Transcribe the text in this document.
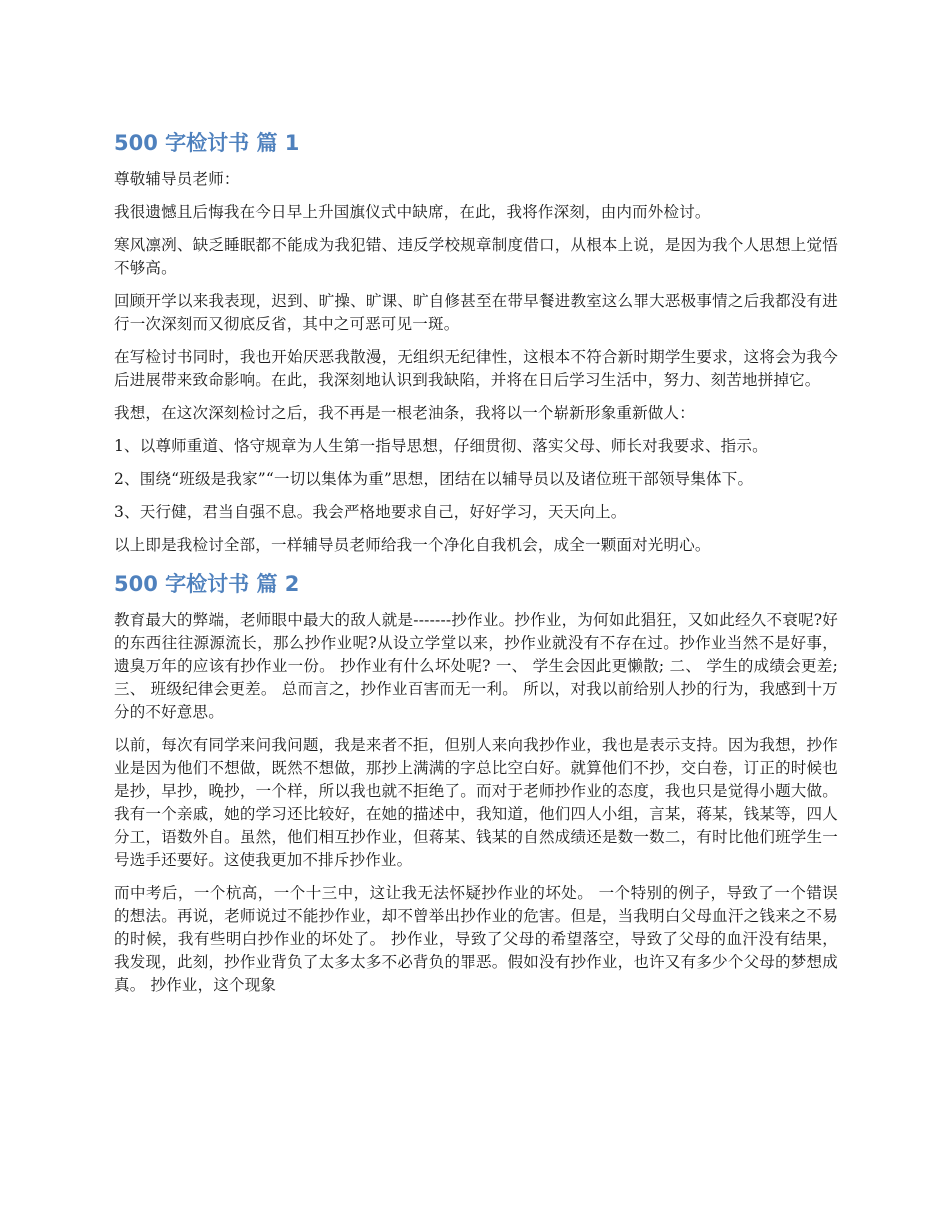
500 字检讨书 篇 1

尊敬辅导员老师：

我很遗憾且后悔我在今日早上升国旗仪式中缺席，在此，我将作深刻，由内而外检讨。

寒风凛冽、缺乏睡眠都不能成为我犯错、违反学校规章制度借口，从根本上说，是因为我个人思想上觉悟不够高。

回顾开学以来我表现，迟到、旷操、旷课、旷自修甚至在带早餐进教室这么罪大恶极事情之后我都没有进行一次深刻而又彻底反省，其中之可恶可见一斑。

在写检讨书同时，我也开始厌恶我散漫，无组织无纪律性，这根本不符合新时期学生要求，这将会为我今后进展带来致命影响。在此，我深刻地认识到我缺陷，并将在日后学习生活中，努力、刻苦地拼掉它。

我想，在这次深刻检讨之后，我不再是一根老油条，我将以一个崭新形象重新做人：

1、以尊师重道、恪守规章为人生第一指导思想，仔细贯彻、落实父母、师长对我要求、指示。

2、围绕“班级是我家”“一切以集体为重”思想，团结在以辅导员以及诸位班干部领导集体下。

3、天行健，君当自强不息。我会严格地要求自己，好好学习，天天向上。

以上即是我检讨全部，一样辅导员老师给我一个净化自我机会，成全一颗面对光明心。

500 字检讨书 篇 2

教育最大的弊端，老师眼中最大的敌人就是-------抄作业。抄作业，为何如此猖狂，又如此经久不衰呢?好的东西往往源源流长，那么抄作业呢?从设立学堂以来，抄作业就没有不存在过。抄作业当然不是好事，遗臭万年的应该有抄作业一份。 抄作业有什么坏处呢? 一、 学生会因此更懒散; 二、 学生的成绩会更差; 三、 班级纪律会更差。 总而言之，抄作业百害而无一利。 所以，对我以前给别人抄的行为，我感到十万分的不好意思。

以前，每次有同学来问我问题，我是来者不拒，但别人来向我抄作业，我也是表示支持。因为我想，抄作业是因为他们不想做，既然不想做，那抄上满满的字总比空白好。就算他们不抄，交白卷，订正的时候也是抄，早抄，晚抄，一个样，所以我也就不拒绝了。而对于老师抄作业的态度，我也只是觉得小题大做。 我有一个亲戚，她的学习还比较好，在她的描述中，我知道，他们四人小组，言某，蒋某，钱某等，四人分工，语数外自。虽然，他们相互抄作业，但蒋某、钱某的自然成绩还是数一数二，有时比他们班学生一号选手还要好。这使我更加不排斥抄作业。

而中考后，一个杭高，一个十三中，这让我无法怀疑抄作业的坏处。 一个特别的例子，导致了一个错误的想法。再说，老师说过不能抄作业，却不曾举出抄作业的危害。但是，当我明白父母血汗之钱来之不易的时候，我有些明白抄作业的坏处了。 抄作业，导致了父母的希望落空，导致了父母的血汗没有结果，我发现，此刻，抄作业背负了太多太多不必背负的罪恶。假如没有抄作业，也许又有多少个父母的梦想成真。 抄作业，这个现象
